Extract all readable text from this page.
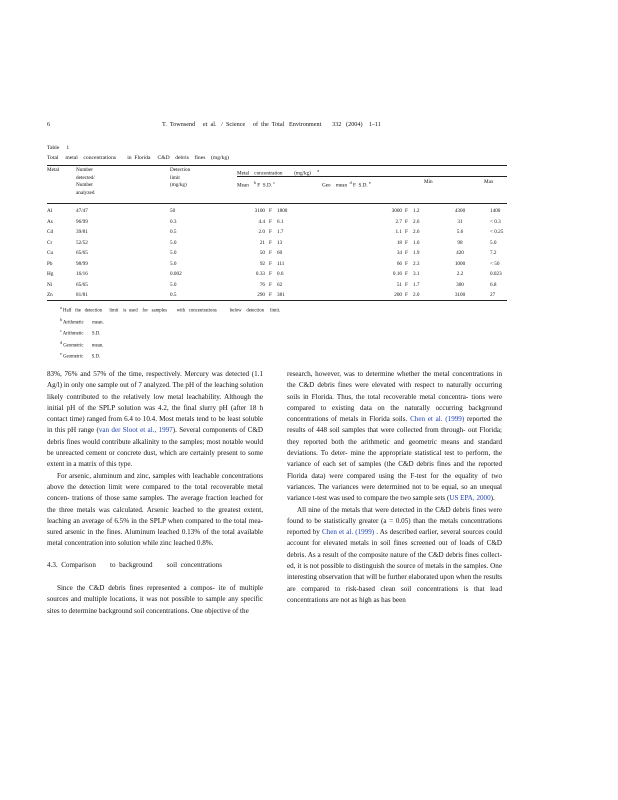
6	T.  Townsend     et  al.   /  Science     of  the  Total   Environment       332   (2004)    1–11
Table     1
Total     metal    concentrations        in  Florida     C&D    debris    fines    (mg/kg)
Metal	Number detected/ Number analyzed
Detection limit (mg/kg)
Metal    concentration         (mg/kg)     $^a$
Mean    $^b$ F  S.D. $^c$
Geo    mean  $^d$ F  S.D. $^e$	Min	Max
Al	47/47	50	3100 F 1800	3000 F 1.2	4300	1400
As	96/99	0.3	4.4 F 6.1	2.7 F 2.6	31	< 0.3
Cd	39/81	0.5	2.0 F 1.7	1.1 F 2.6	5.6	< 0.25
Cr	52/52	5.0	21 F 13	18 F 1.6	98	5.0
Cu	65/65	5.0	50 F 60	34 F 1.9	420	7.2
Pb	98/99	5.0	92 F 111	66 F 2.3	1000	< 50
Hg	16/16	0.002	0.33 F 0.6	0.16 F 3.1	2.2	0.023
Ni	65/65	5.0	76 F 62	51 F 1.7	300	6.8
Zn	81/81	0.5	290 F 381	200 F 2.0	3100	27
$^a$ Half   the   detection      limit    is  used    for   samples        with   concentrations           below    detection     limit.
$^b$ Arithmetic       mean.
$^c$ Arithmetic       S.D.
$^d$ Geometric       mean.
$^e$ Geometric       S.D.

83%, 76% and 57% of the time, respectively. Mercury was detected (1.1 Ag/l) in only one sample out of 7 analyzed. The pH of the leaching solution likely contributed to the relatively low metal leachability. Although the initial pH of the SPLP solution was 4.2, the final slurry pH (after 18 h contact time) ranged from 6.4 to 10.4. Most metals tend to be least soluble in this pH range (van der Sloot et al., 1997). Several components of C&D debris fines would contribute alkalinity to the samples; most notable would be unreacted cement or concrete dust, which are certainly present to some extent in a matrix of this type.

For arsenic, aluminum and zinc, samples with leachable concentrations above the detection limit were compared to the total recoverable metal concen- trations of those same samples. The average fraction leached for the three metals was calculated. Arsenic leached to the greatest extent, leaching an average of 6.5% in the SPLP when compared to the total mea- sured arsenic in the fines. Aluminum leached 0.13% of the total available metal concentration into solution while zinc leached 0.8%.

4.3.  Comparison        to  background        soil  concentrations

Since the C&D debris fines represented a compos- ite of multiple sources and multiple locations, it was not possible to sample any specific sites to determine background soil concentrations. One objective of the

research, however, was to determine whether the metal concentrations in the C&D debris fines were elevated with respect to naturally occurring soils in Florida. Thus, the total recoverable metal concentra- tions were compared to existing data on the naturally occurring background concentrations of metals in Florida soils. Chen et al. (1999) reported the results of 448 soil samples that were collected from through- out Florida; they reported both the arithmetic and geometric means and standard deviations. To deter- mine the appropriate statistical test to perform, the variance of each set of samples (the C&D debris fines and the reported Florida data) were compared using the F-test for the equality of two variances. The variances were determined not to be equal, so an unequal variance t-test was used to compare the two sample sets (US EPA, 2000).

All nine of the metals that were detected in the C&D debris fines were found to be statistically greater (a = 0.05) than the metals concentrations reported by Chen et al. (1999) . As described earlier, several sources could account for elevated metals in soil fines screened out of loads of C&D debris. As a result of the composite nature of the C&D debris fines collect- ed, it is not possible to distinguish the source of metals in the samples. One interesting observation that will be further elaborated upon when the results are compared to risk-based clean soil concentrations is that lead concentrations are not as high as has been
